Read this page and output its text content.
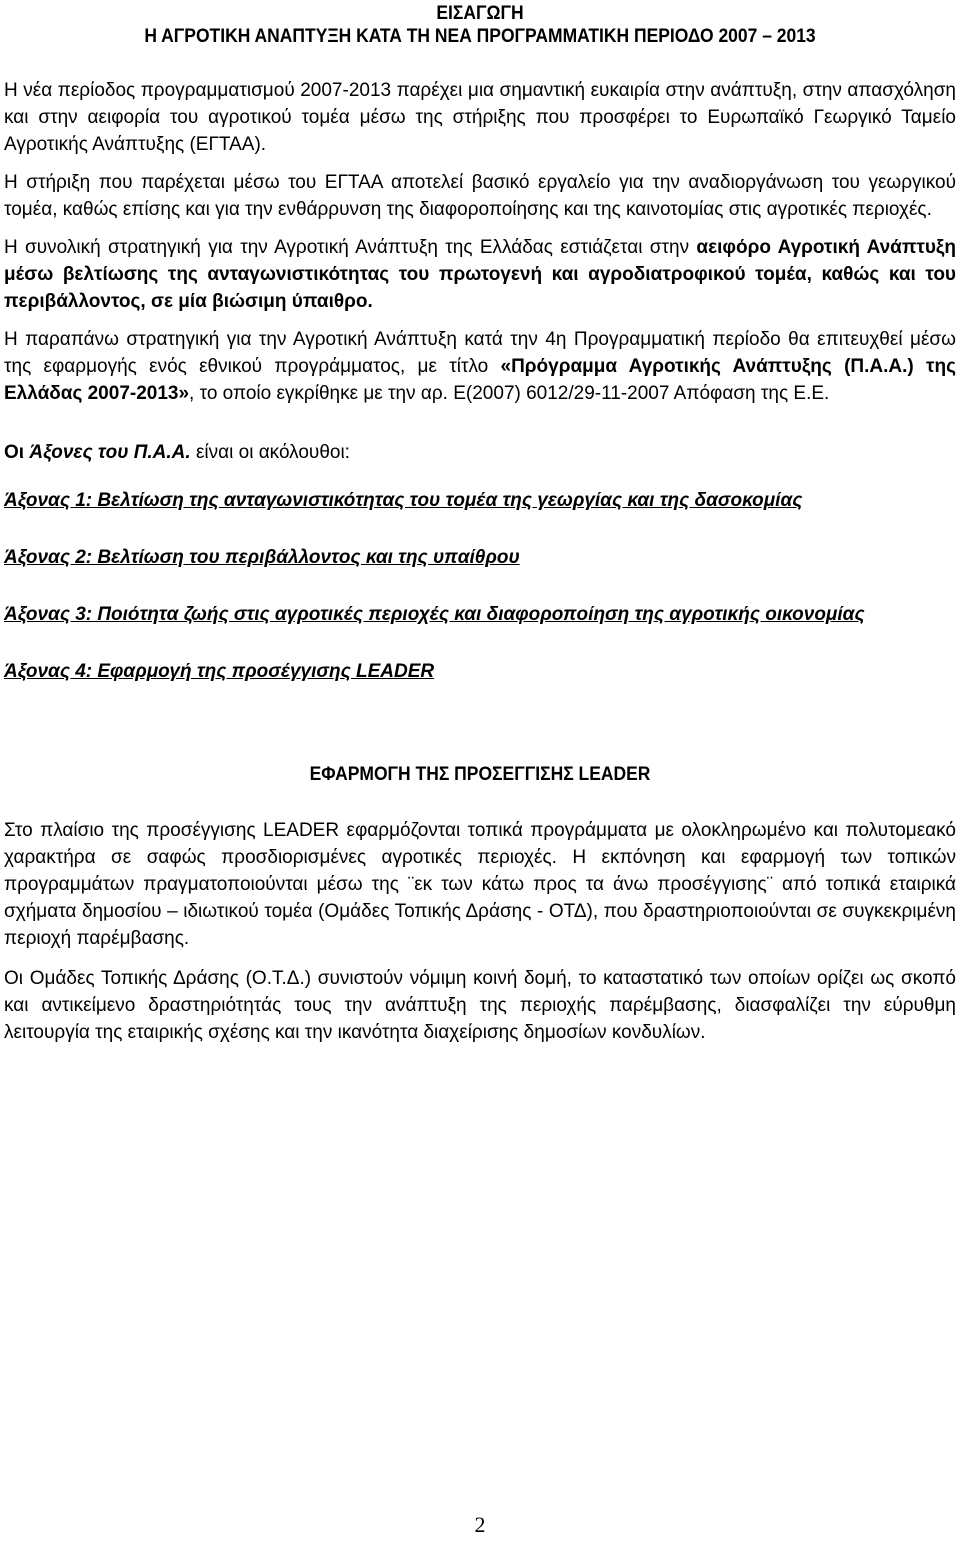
ΕΙΣΑΓΩΓΗ
Η ΑΓΡΟΤΙΚΗ ΑΝΑΠΤΥΞΗ ΚΑΤΑ ΤΗ ΝΕΑ ΠΡΟΓΡΑΜΜΑΤΙΚΗ ΠΕΡΙΟΔΟ 2007 – 2013

Η νέα περίοδος προγραμματισμού 2007-2013 παρέχει μια σημαντική ευκαιρία στην ανάπτυξη, στην απασχόληση και στην αειφορία του αγροτικού τομέα μέσω της στήριξης που προσφέρει το Ευρωπαϊκό Γεωργικό Ταμείο Αγροτικής Ανάπτυξης (ΕΓΤΑΑ).

Η στήριξη που παρέχεται μέσω του ΕΓΤΑΑ αποτελεί βασικό εργαλείο για την αναδιοργάνωση του γεωργικού τομέα, καθώς επίσης και για την ενθάρρυνση της διαφοροποίησης και της καινοτομίας στις αγροτικές περιοχές.

Η συνολική στρατηγική για την Αγροτική Ανάπτυξη της Ελλάδας εστιάζεται στην αειφόρο Αγροτική Ανάπτυξη μέσω βελτίωσης της ανταγωνιστικότητας του πρωτογενή και αγροδιατροφικού τομέα, καθώς και του περιβάλλοντος, σε μία βιώσιμη ύπαιθρο.

Η παραπάνω στρατηγική για την Αγροτική Ανάπτυξη κατά την 4η Προγραμματική περίοδο θα επιτευχθεί μέσω της εφαρμογής ενός εθνικού προγράμματος, με τίτλο «Πρόγραμμα Αγροτικής Ανάπτυξης (Π.Α.Α.) της Ελλάδας 2007-2013», το οποίο εγκρίθηκε με την αρ. Ε(2007) 6012/29-11-2007 Απόφαση της Ε.Ε.

Οι Άξονες του Π.Α.Α. είναι οι ακόλουθοι:
Άξονας 1: Βελτίωση της ανταγωνιστικότητας του τομέα της γεωργίας και της δασοκομίας
Άξονας 2: Βελτίωση του περιβάλλοντος και της υπαίθρου
Άξονας 3: Ποιότητα ζωής στις αγροτικές περιοχές και διαφοροποίηση της αγροτικής οικονομίας
Άξονας 4: Εφαρμογή της προσέγγισης LEADER
ΕΦΑΡΜΟΓΗ ΤΗΣ ΠΡΟΣΕΓΓΙΣΗΣ LEADER

Στο πλαίσιο της προσέγγισης LEADER εφαρμόζονται τοπικά προγράμματα με ολοκληρωμένο και πολυτομεακό χαρακτήρα σε σαφώς προσδιορισμένες αγροτικές περιοχές. Η εκπόνηση και εφαρμογή των τοπικών προγραμμάτων πραγματοποιούνται μέσω της ¨εκ των κάτω προς τα άνω προσέγγισης¨ από τοπικά εταιρικά σχήματα δημοσίου – ιδιωτικού τομέα (Ομάδες Τοπικής Δράσης - ΟΤΔ), που δραστηριοποιούνται σε συγκεκριμένη περιοχή παρέμβασης.

Οι Ομάδες Τοπικής Δράσης (Ο.Τ.Δ.) συνιστούν νόμιμη κοινή δομή, το καταστατικό των οποίων ορίζει ως σκοπό και αντικείμενο δραστηριότητάς τους την ανάπτυξη της περιοχής παρέμβασης, διασφαλίζει την εύρυθμη λειτουργία της εταιρικής σχέσης και την ικανότητα διαχείρισης δημοσίων κονδυλίων.

2
